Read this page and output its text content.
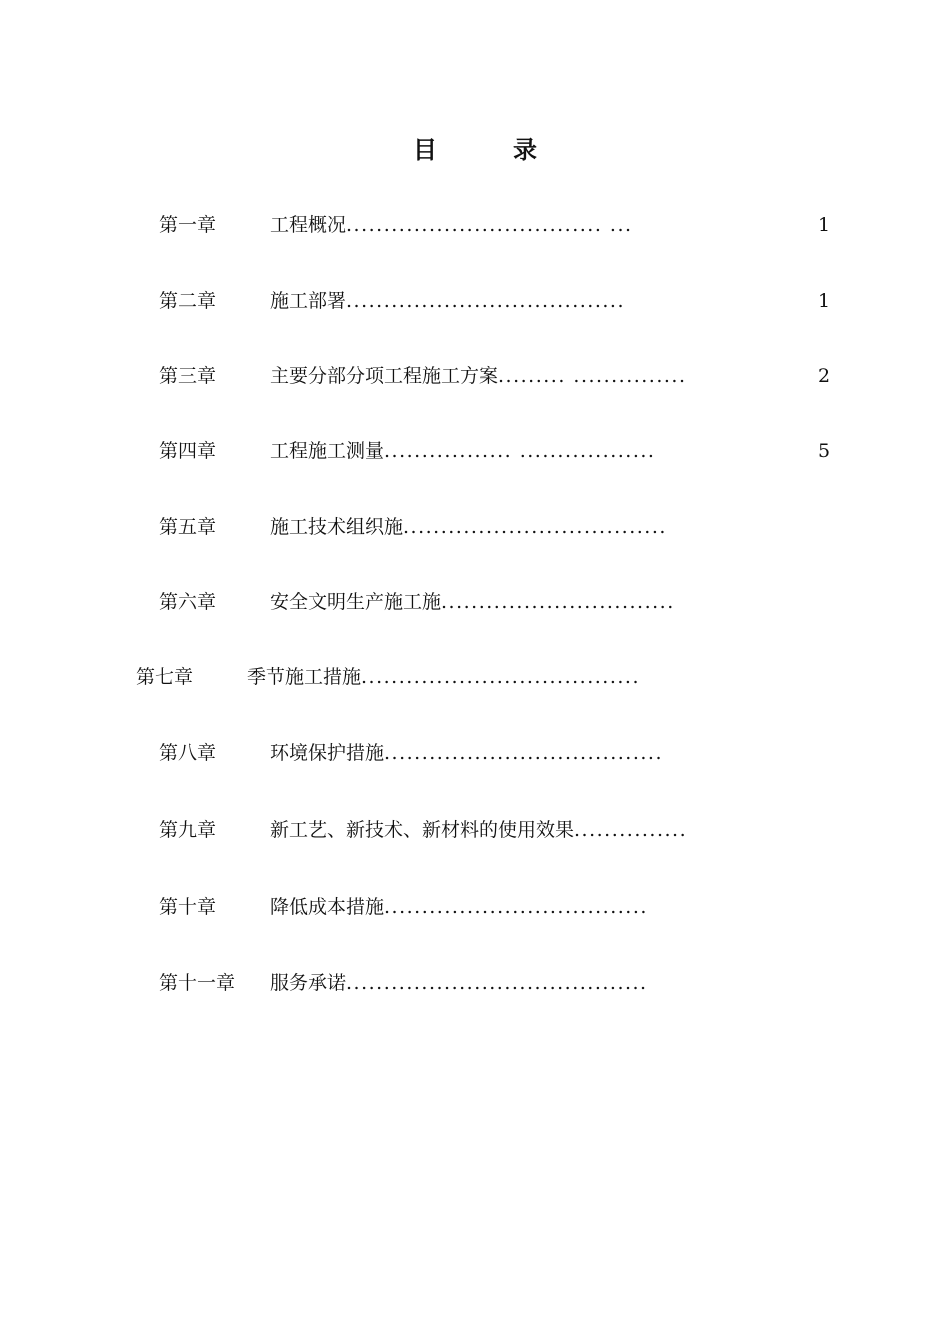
目　录
第一章	工程概况.................................. ...	1
第二章	施工部署.....................................	1
第三章	主要分部分项工程施工方案......... ...............	2
第四章	工程施工测量................. ..................	5
第五章	施工技术组织施...................................
第六章	安全文明生产施工施...............................
第七章	季节施工措施.....................................
第八章	环境保护措施.....................................
第九章	新工艺、新技术、新材料的使用效果...............
第十章	降低成本措施...................................
第十一章 服务承诺........................................
